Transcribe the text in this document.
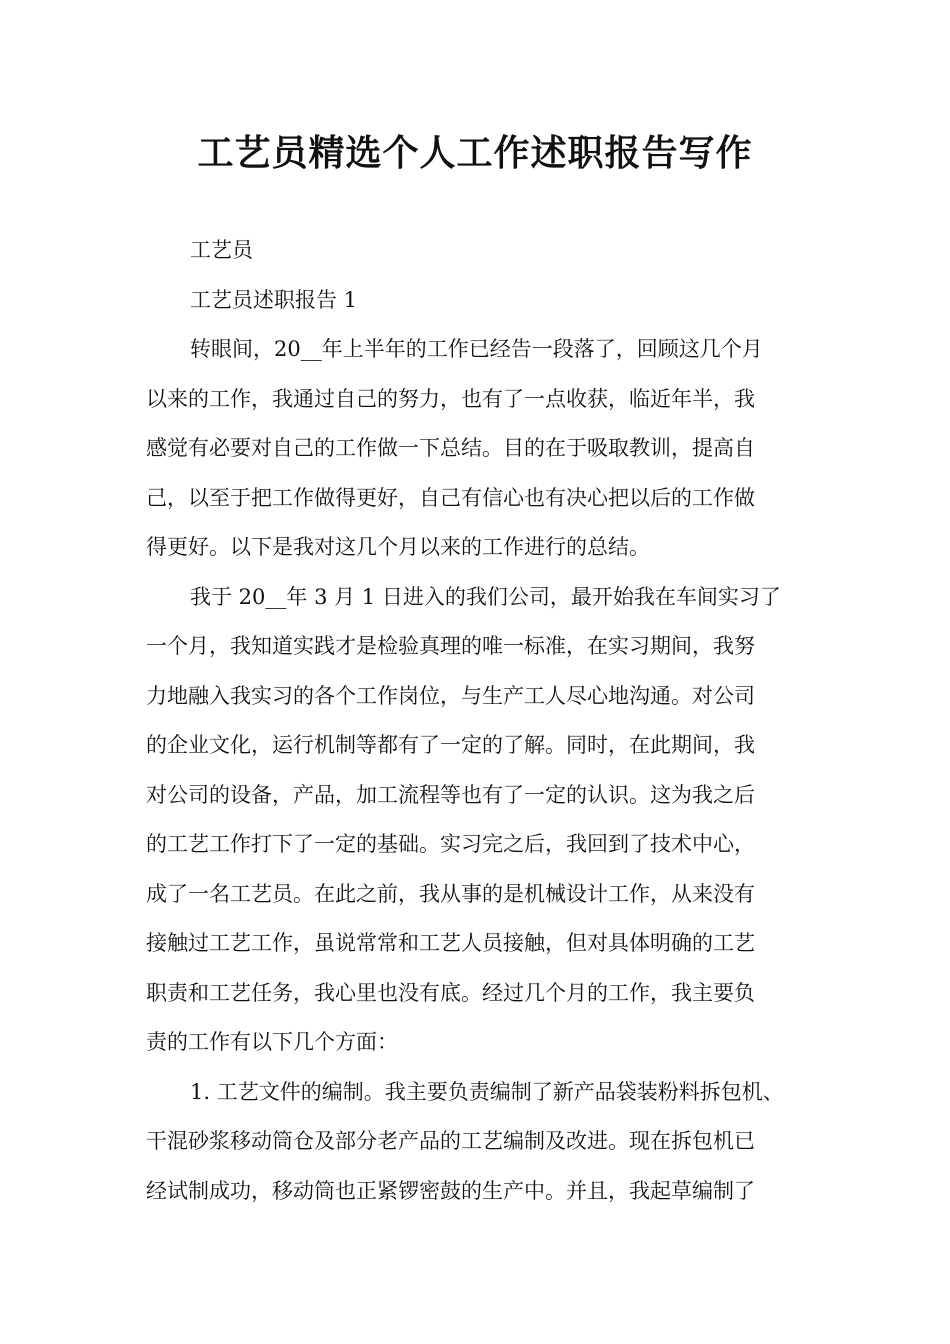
工艺员精选个人工作述职报告写作

工艺员

工艺员述职报告 1

转眼间，20__年上半年的工作已经告一段落了，回顾这几个月

以来的工作，我通过自己的努力，也有了一点收获，临近年半，我

感觉有必要对自己的工作做一下总结。目的在于吸取教训，提高自

己，以至于把工作做得更好，自己有信心也有决心把以后的工作做

得更好。以下是我对这几个月以来的工作进行的总结。

我于 20__年 3 月 1 日进入的我们公司，最开始我在车间实习了

一个月，我知道实践才是检验真理的唯一标准，在实习期间，我努

力地融入我实习的各个工作岗位，与生产工人尽心地沟通。对公司

的企业文化，运行机制等都有了一定的了解。同时，在此期间，我

对公司的设备，产品，加工流程等也有了一定的认识。这为我之后

的工艺工作打下了一定的基础。实习完之后，我回到了技术中心，

成了一名工艺员。在此之前，我从事的是机械设计工作，从来没有

接触过工艺工作，虽说常常和工艺人员接触，但对具体明确的工艺

职责和工艺任务，我心里也没有底。经过几个月的工作，我主要负

责的工作有以下几个方面：

1. 工艺文件的编制。我主要负责编制了新产品袋装粉料拆包机、

干混砂浆移动筒仓及部分老产品的工艺编制及改进。现在拆包机已

经试制成功，移动筒也正紧锣密鼓的生产中。并且，我起草编制了
